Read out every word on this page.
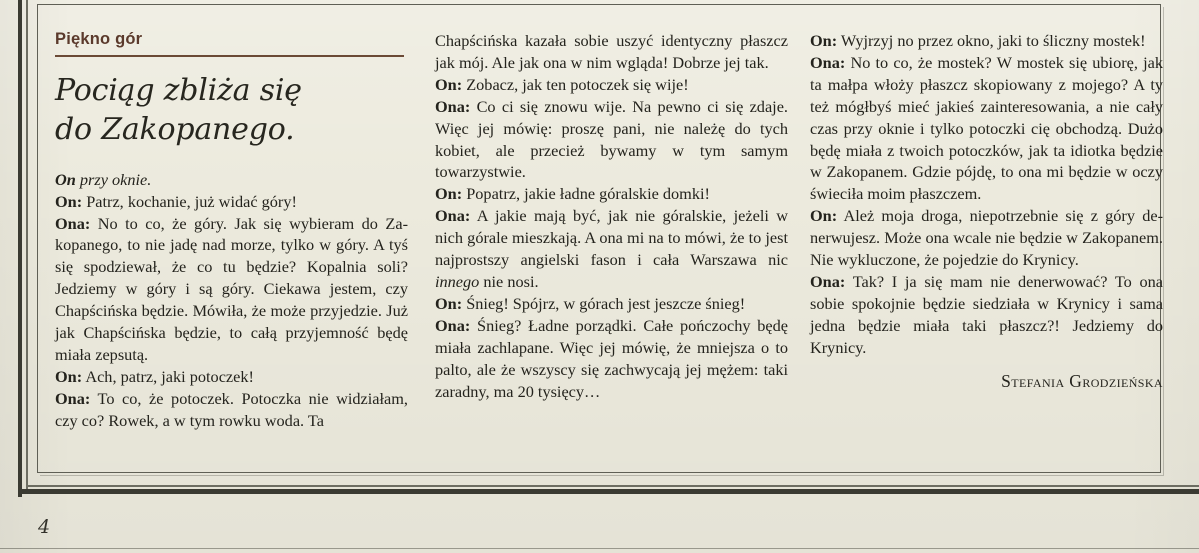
Piękno gór
Pociąg zbliża się
do Zakopanego.

On przy oknie.

On: Patrz, kochanie, już widać góry!

Ona: No to co, że góry. Jak się wybieram do Zakopanego, to nie jadę nad morze, tylko w góry. A tyś się spodziewał, że co tu będzie? Kopalnia soli? Jedziemy w góry i są góry. Ciekawa jestem, czy Chapścińska będzie. Mówiła, że może przyjedzie. Już jak Chapścińska będzie, to całą przyjemność będę miała zepsutą.

On: Ach, patrz, jaki potoczek!

Ona: To co, że potoczek. Potoczka nie widziałam, czy co? Rowek, a w tym rowku woda. Ta

Chapścińska kazała sobie uszyć identyczny płaszcz jak mój. Ale jak ona w nim wgląda! Dobrze jej tak.

On: Zobacz, jak ten potoczek się wije!

Ona: Co ci się znowu wije. Na pewno ci się zdaje. Więc jej mówię: proszę pani, nie należę do tych kobiet, ale przecież bywamy w tym samym towarzystwie.

On: Popatrz, jakie ładne góralskie domki!

Ona: A jakie mają być, jak nie góralskie, jeżeli w nich górale mieszkają. A ona mi na to mówi, że to jest najprostszy angielski fason i cała Warszawa nic innego nie nosi.

On: Śnieg! Spójrz, w górach jest jeszcze śnieg!

Ona: Śnieg? Ładne porządki. Całe pończochy będę miała zachlapane. Więc jej mówię, że mniejsza o to palto, ale że wszyscy się zachwycają jej mężem: taki zaradny, ma 20 tysięcy…

On: Wyjrzyj no przez okno, jaki to śliczny mostek!

Ona: No to co, że mostek? W mostek się ubiorę, jak ta małpa włoży płaszcz skopiowany z mojego? A ty też mógłbyś mieć jakieś zainteresowania, a nie cały czas przy oknie i tylko potoczki cię obchodzą. Dużo będę miała z twoich potoczków, jak ta idiotka będzie w Zakopanem. Gdzie pójdę, to ona mi będzie w oczy świeciła moim płaszczem.

On: Ależ moja droga, niepotrzebnie się z góry denerwujesz. Może ona wcale nie będzie w Zakopanem. Nie wykluczone, że pojedzie do Krynicy.

Ona: Tak? I ja się mam nie denerwować? To ona sobie spokojnie będzie siedziała w Krynicy i sama jedna będzie miała taki płaszcz?! Jedziemy do Krynicy.

Stefania Grodzieńska
4
